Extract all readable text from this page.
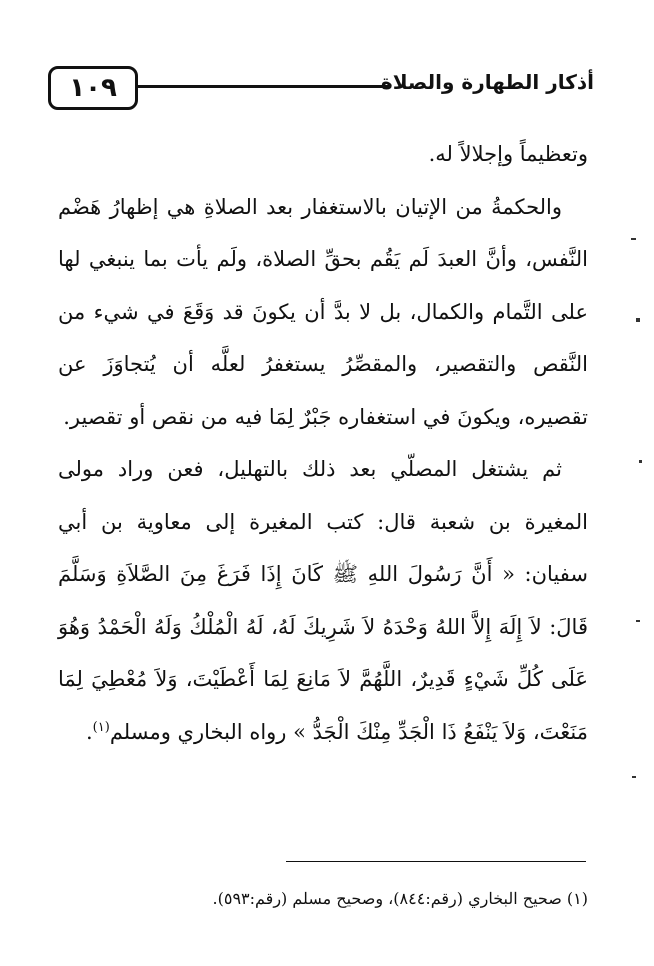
١٠٩	أذكار الطهارة والصلاة

وتعظيماً وإجلالاً له.

والحكمةُ من الإتيان بالاستغفار بعد الصلاةِ هي إظهارُ هَضْم النَّفس، وأنَّ العبدَ لَم يَقُم بحقِّ الصلاة، ولَم يأت بما ينبغي لها على التَّمام والكمال، بل لا بدَّ أن يكونَ قد وَقَعَ في شيء من النَّقص والتقصير، والمقصِّرُ يستغفرُ لعلَّه أن يُتجاوَزَ عن تقصيره، ويكونَ في استغفاره جَبْرٌ لِمَا فيه من نقص أو تقصير.

ثم يشتغل المصلّي بعد ذلك بالتهليل، فعن وراد مولى المغيرة بن شعبة قال: كتب المغيرة إلى معاوية بن أبي سفيان: « أَنَّ رَسُولَ اللهِ ﷺ كَانَ إِذَا فَرَغَ مِنَ الصَّلاَةِ وَسَلَّمَ قَالَ: لاَ إِلَهَ إِلاَّ اللهُ وَحْدَهُ لاَ شَرِيكَ لَهُ، لَهُ الْمُلْكُ وَلَهُ الْحَمْدُ وَهُوَ عَلَى كُلِّ شَيْءٍ قَدِيرٌ، اللَّهُمَّ لاَ مَانِعَ لِمَا أَعْطَيْتَ، وَلاَ مُعْطِيَ لِمَا مَنَعْتَ، وَلاَ يَنْفَعُ ذَا الْجَدِّ مِنْكَ الْجَدُّ » رواه البخاري ومسلم$^{(١)}$.

(١) صحيح البخاري (رقم:٨٤٤)، وصحيح مسلم (رقم:٥٩٣).
